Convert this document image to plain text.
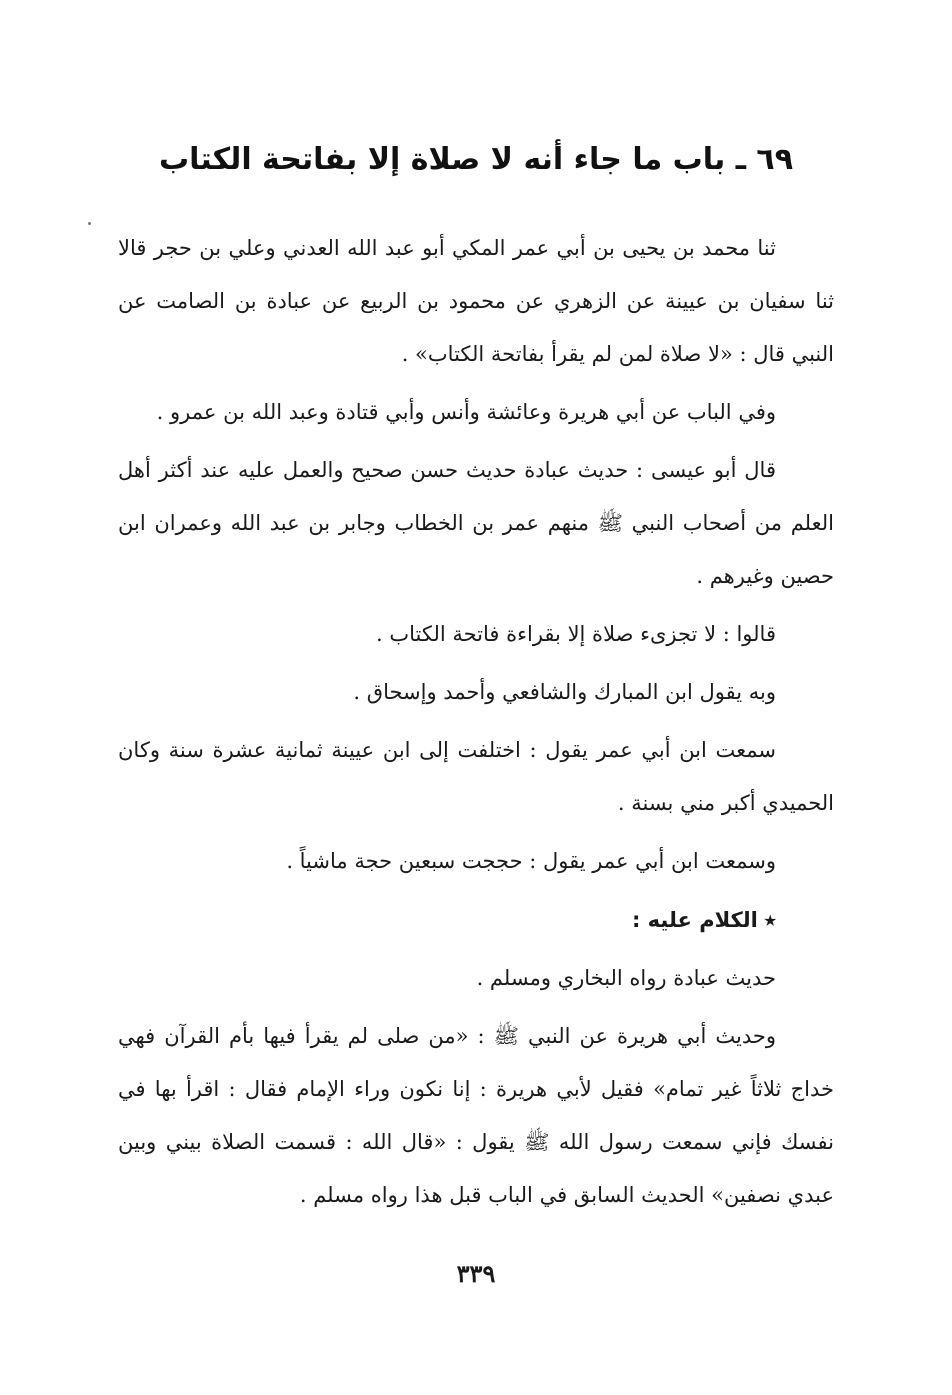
٦٩ ـ باب ما جاء أنه لا صلاة إلا بفاتحة الكتاب

ثنا محمد بن يحيى بن أبي عمر المكي أبو عبد الله العدني وعلي بن حجر قالا ثنا سفيان بن عيينة عن الزهري عن محمود بن الربيع عن عبادة بن الصامت عن النبي قال : «لا صلاة لمن لم يقرأ بفاتحة الكتاب» .

وفي الباب عن أبي هريرة وعائشة وأنس وأبي قتادة وعبد الله بن عمرو .

قال أبو عيسى : حديث عبادة حديث حسن صحيح والعمل عليه عند أكثر أهل العلم من أصحاب النبي ﷺ منهم عمر بن الخطاب وجابر بن عبد الله وعمران ابن حصين وغيرهم .

قالوا : لا تجزىء صلاة إلا بقراءة فاتحة الكتاب .

وبه يقول ابن المبارك والشافعي وأحمد وإسحاق .

سمعت ابن أبي عمر يقول : اختلفت إلى ابن عيينة ثمانية عشرة سنة وكان الحميدي أكبر مني بسنة .

وسمعت ابن أبي عمر يقول : حججت سبعين حجة ماشياً .

٭ الكلام عليه :

حديث عبادة رواه البخاري ومسلم .

وحديث أبي هريرة عن النبي ﷺ : «من صلى لم يقرأ فيها بأم القرآن فهي خداج ثلاثاً غير تمام» فقيل لأبي هريرة : إنا نكون وراء الإمام فقال : اقرأ بها في نفسك فإني سمعت رسول الله ﷺ يقول : «قال الله : قسمت الصلاة بيني وبين عبدي نصفين» الحديث السابق في الباب قبل هذا رواه مسلم .

٣٣٩
